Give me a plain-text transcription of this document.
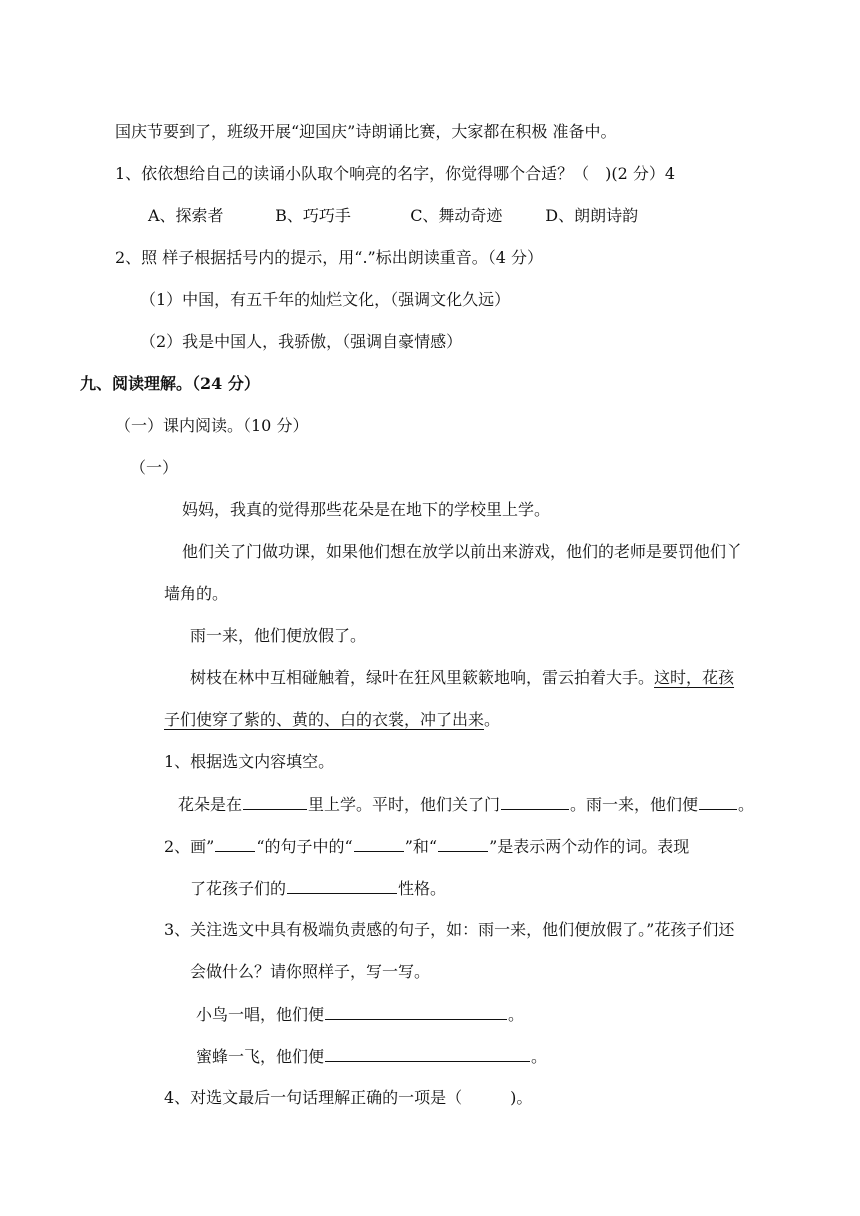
国庆节要到了，班级开展“迎国庆”诗朗诵比赛，大家都在积极 准备中。
1、依依想给自己的读诵小队取个响亮的名字，你觉得哪个合适？（　)(2 分）4
A、探索者	B、巧巧手	C、舞动奇迹	D、朗朗诗韵
2、照 样子根据括号内的提示，用“.”标出朗读重音。（4 分）
（1）中国，有五千年的灿烂文化，（强调文化久远）
（2）我是中国人，我骄傲，（强调自豪情感）
九、阅读理解。（24 分）
（一）课内阅读。（10 分）
（一）
妈妈，我真的觉得那些花朵是在地下的学校里上学。
他们关了门做功课，如果他们想在放学以前出来游戏，他们的老师是要罚他们丫
墙角的。
雨一来，他们便放假了。
树枝在林中互相碰触着，绿叶在狂风里簌簌地响，雷云拍着大手。这时，花孩
子们使穿了紫的、黄的、白的衣裳，冲了出来。
1、根据选文内容填空。
花朵是在	里上学。平时，他们关了门	。雨一来，他们便	。
2、画”	“的句子中的“	”和“	”是表示两个动作的词。表现
了花孩子们的	性格。
3、关注选文中具有极端负责感的句子，如：雨一来，他们便放假了。”花孩子们还
会做什么？请你照样子，写一写。
小鸟一唱，他们便	。
蜜蜂一飞，他们便	。
4、对选文最后一句话理解正确的一项是（　　　)。
